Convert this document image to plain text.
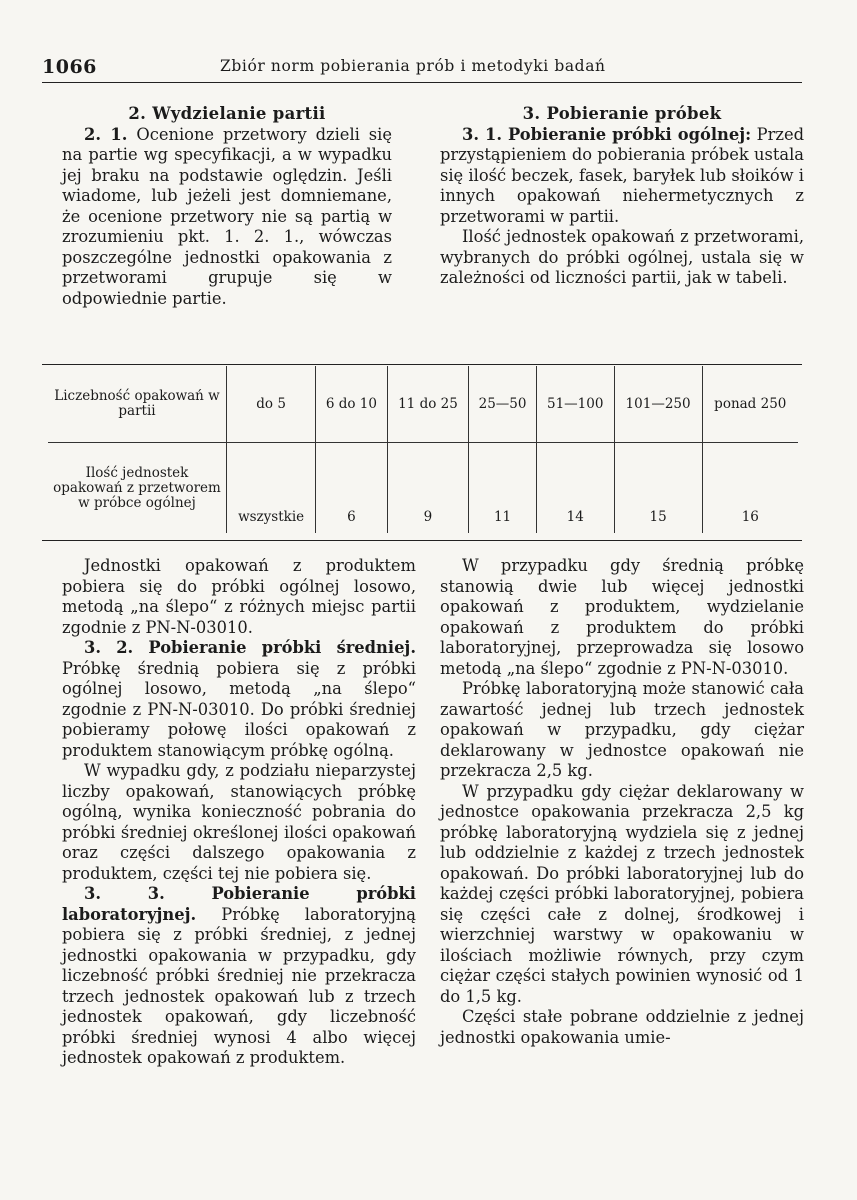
1066	Zbiór norm pobierania prób i metodyki badań

2. Wydzielanie partii

2. 1. Ocenione przetwory dzieli się na partie wg specyfikacji, a w wypadku jej braku na podstawie oględzin. Jeśli wiadome, lub jeżeli jest domniemane, że ocenione przetwory nie są partią w zrozumieniu pkt. 1. 2. 1., wówczas poszczególne jednostki opakowania z przetworami grupuje się w odpowiednie partie.

3. Pobieranie próbek

3. 1. Pobieranie próbki ogólnej: Przed przystąpieniem do pobierania próbek ustala się ilość beczek, fasek, baryłek lub słoików i innych opakowań niehermetycznych z przetworami w partii.

Ilość jednostek opakowań z przetworami, wybranych do próbki ogólnej, ustala się w zależności od liczności partii, jak w tabeli.

Liczebność opakowań w partii	do 5	6 do 10	11 do 25	25—50	51—100	101—250	ponad 250
Ilość jednostek opakowań z przetworem w próbce ogólnej	wszystkie	6	9	11	14	15	16

Jednostki opakowań z produktem pobiera się do próbki ogólnej losowo, metodą „na ślepo“ z różnych miejsc partii zgodnie z PN-N-03010.

3. 2. Pobieranie próbki średniej. Próbkę średnią pobiera się z próbki ogólnej losowo, metodą „na ślepo“ zgodnie z PN-N-03010. Do próbki średniej pobieramy połowę ilości opakowań z produktem stanowiącym próbkę ogólną.

W wypadku gdy, z podziału nieparzystej liczby opakowań, stanowiących próbkę ogólną, wynika konieczność pobrania do próbki średniej określonej ilości opakowań oraz części dalszego opakowania z produktem, części tej nie pobiera się.

3. 3. Pobieranie próbki laboratoryjnej. Próbkę laboratoryjną pobiera się z próbki średniej, z jednej jednostki opakowania w przypadku, gdy liczebność próbki średniej nie przekracza trzech jednostek opakowań lub z trzech jednostek opakowań, gdy liczebność próbki średniej wynosi 4 albo więcej jednostek opakowań z produktem.

W przypadku gdy średnią próbkę stanowią dwie lub więcej jednostki opakowań z produktem, wydzielanie opakowań z produktem do próbki laboratoryjnej, przeprowadza się losowo metodą „na ślepo“ zgodnie z PN-N-03010.

Próbkę laboratoryjną może stanowić cała zawartość jednej lub trzech jednostek opakowań w przypadku, gdy ciężar deklarowany w jednostce opakowań nie przekracza 2,5 kg.

W przypadku gdy ciężar deklarowany w jednostce opakowania przekracza 2,5 kg próbkę laboratoryjną wydziela się z jednej lub oddzielnie z każdej z trzech jednostek opakowań. Do próbki laboratoryjnej lub do każdej części próbki laboratoryjnej, pobiera się części całe z dolnej, środkowej i wierzchniej warstwy w opakowaniu w ilościach możliwie równych, przy czym ciężar części stałych powinien wynosić od 1 do 1,5 kg.

Części stałe pobrane oddzielnie z jednej jednostki opakowania umie-
